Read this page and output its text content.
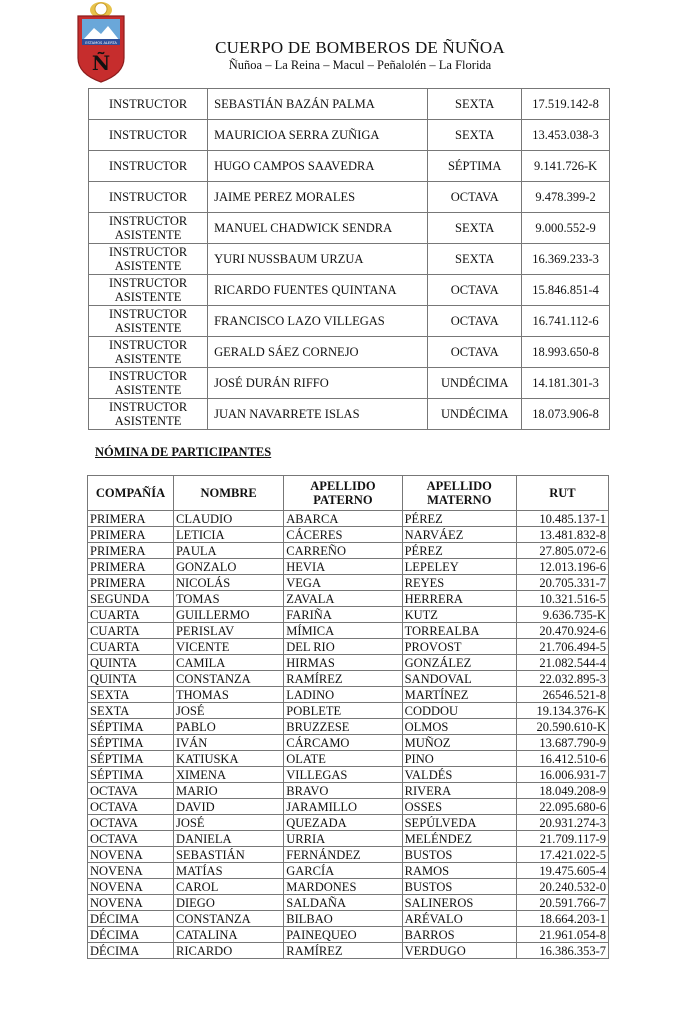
ESTAMOS ALERTA
Ñ
CUERPO DE BOMBEROS DE ÑUÑOA
Ñuñoa – La Reina – Macul – Peñalolén – La Florida
INSTRUCTOR	SEBASTIÁN BAZÁN PALMA	SEXTA	17.519.142-8
INSTRUCTOR	MAURICIOA SERRA ZUÑIGA	SEXTA	13.453.038-3
INSTRUCTOR	HUGO CAMPOS SAAVEDRA	SÉPTIMA	9.141.726-K
INSTRUCTOR	JAIME PEREZ MORALES	OCTAVA	9.478.399-2
INSTRUCTOR ASISTENTE	MANUEL CHADWICK SENDRA	SEXTA	9.000.552-9
INSTRUCTOR ASISTENTE	YURI NUSSBAUM URZUA	SEXTA	16.369.233-3
INSTRUCTOR ASISTENTE	RICARDO FUENTES QUINTANA	OCTAVA	15.846.851-4
INSTRUCTOR ASISTENTE	FRANCISCO LAZO VILLEGAS	OCTAVA	16.741.112-6
INSTRUCTOR ASISTENTE	GERALD SÁEZ CORNEJO	OCTAVA	18.993.650-8
INSTRUCTOR ASISTENTE	JOSÉ DURÁN RIFFO	UNDÉCIMA	14.181.301-3
INSTRUCTOR ASISTENTE	JUAN NAVARRETE ISLAS	UNDÉCIMA	18.073.906-8
NÓMINA DE PARTICIPANTES
COMPAÑÍA	NOMBRE	APELLIDO PATERNO	APELLIDO MATERNO	RUT
PRIMERA	CLAUDIO	ABARCA	PÉREZ	10.485.137-1
PRIMERA	LETICIA	CÁCERES	NARVÁEZ	13.481.832-8
PRIMERA	PAULA	CARREÑO	PÉREZ	27.805.072-6
PRIMERA	GONZALO	HEVIA	LEPELEY	12.013.196-6
PRIMERA	NICOLÁS	VEGA	REYES	20.705.331-7
SEGUNDA	TOMAS	ZAVALA	HERRERA	10.321.516-5
CUARTA	GUILLERMO	FARIÑA	KUTZ	9.636.735-K
CUARTA	PERISLAV	MÍMICA	TORREALBA	20.470.924-6
CUARTA	VICENTE	DEL RIO	PROVOST	21.706.494-5
QUINTA	CAMILA	HIRMAS	GONZÁLEZ	21.082.544-4
QUINTA	CONSTANZA	RAMÍREZ	SANDOVAL	22.032.895-3
SEXTA	THOMAS	LADINO	MARTÍNEZ	26546.521-8
SEXTA	JOSÉ	POBLETE	CODDOU	19.134.376-K
SÉPTIMA	PABLO	BRUZZESE	OLMOS	20.590.610-K
SÉPTIMA	IVÁN	CÁRCAMO	MUÑOZ	13.687.790-9
SÉPTIMA	KATIUSKA	OLATE	PINO	16.412.510-6
SÉPTIMA	XIMENA	VILLEGAS	VALDÉS	16.006.931-7
OCTAVA	MARIO	BRAVO	RIVERA	18.049.208-9
OCTAVA	DAVID	JARAMILLO	OSSES	22.095.680-6
OCTAVA	JOSÉ	QUEZADA	SEPÚLVEDA	20.931.274-3
OCTAVA	DANIELA	URRIA	MELÉNDEZ	21.709.117-9
NOVENA	SEBASTIÁN	FERNÁNDEZ	BUSTOS	17.421.022-5
NOVENA	MATÍAS	GARCÍA	RAMOS	19.475.605-4
NOVENA	CAROL	MARDONES	BUSTOS	20.240.532-0
NOVENA	DIEGO	SALDAÑA	SALINEROS	20.591.766-7
DÉCIMA	CONSTANZA	BILBAO	ARÉVALO	18.664.203-1
DÉCIMA	CATALINA	PAINEQUEO	BARROS	21.961.054-8
DÉCIMA	RICARDO	RAMÍREZ	VERDUGO	16.386.353-7
